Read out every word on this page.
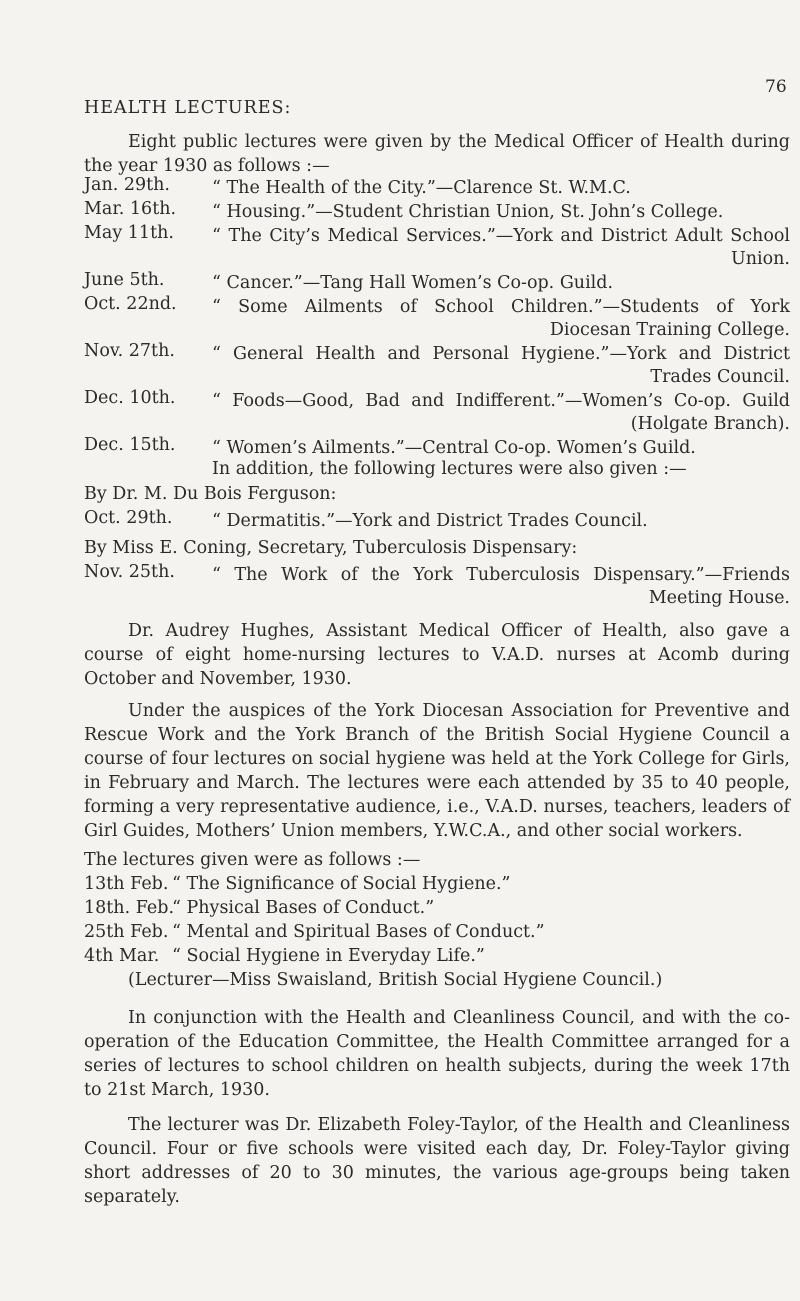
76
HEALTH LECTURES:
Eight public lectures were given by the Medical Officer of Health during the year 1930 as follows :—
Jan. 29th. “ The Health of the City.”—Clarence St. W.M.C.
Mar. 16th. “ Housing.”—Student Christian Union, St. John’s College.
May 11th. “ The City’s Medical Services.”—York and District Adult School
Union.
June 5th.	“ Cancer.”—Tang Hall Women’s Co-op. Guild.
Oct. 22nd. “ Some Ailments of School Children.”—Students of York
Diocesan Training College.
Nov. 27th. “ General Health and Personal Hygiene.”—York and District
Trades Council.
Dec. 10th. “ Foods—Good, Bad and Indifferent.”—Women’s Co-op. Guild
(Holgate Branch).
Dec. 15th. “ Women’s Ailments.”—Central Co-op. Women’s Guild.
In addition, the following lectures were also given :—
By Dr. M. Du Bois Ferguson:
Oct. 29th. “ Dermatitis.”—York and District Trades Council.
By Miss E. Coning, Secretary, Tuberculosis Dispensary:
Nov. 25th. “ The Work of the York Tuberculosis Dispensary.”—Friends
Meeting House.
Dr. Audrey Hughes, Assistant Medical Officer of Health, also gave a course of eight home-nursing lectures to V.A.D. nurses at Acomb during October and November, 1930.
Under the auspices of the York Diocesan Association for Preventive and Rescue Work and the York Branch of the British Social Hygiene Council a course of four lectures on social hygiene was held at the York College for Girls, in February and March. The lectures were each attended by 35 to 40 people, forming a very representative audience, i.e., V.A.D. nurses, teachers, leaders of Girl Guides, Mothers’ Union members, Y.W.C.A., and other social workers.
The lectures given were as follows :—
13th Feb. “ The Significance of Social Hygiene.”
18th. Feb.
“ Physical Bases of Conduct.”
25th Feb. “ Mental and Spiritual Bases of Conduct.”
4th Mar. “ Social Hygiene in Everyday Life.”
(Lecturer—Miss Swaisland, British Social Hygiene Council.)
In conjunction with the Health and Cleanliness Council, and with the co-operation of the Education Committee, the Health Committee arranged for a series of lectures to school children on health subjects, during the week 17th to 21st March, 1930.
The lecturer was Dr. Elizabeth Foley-Taylor, of the Health and Cleanliness Council. Four or five schools were visited each day, Dr. Foley-Taylor giving short addresses of 20 to 30 minutes, the various age-groups being taken separately.
